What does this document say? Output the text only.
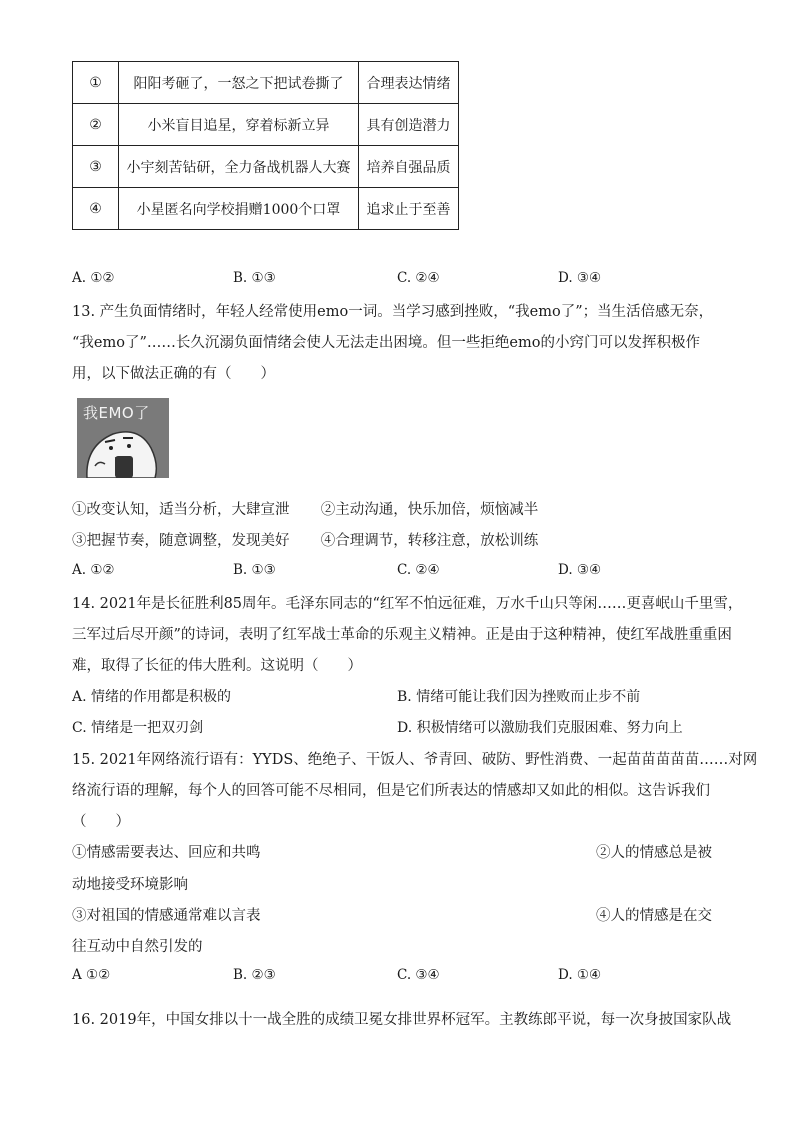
①	阳阳考砸了，一怒之下把试卷撕了	合理表达情绪
②	小米盲目追星，穿着标新立异	具有创造潜力
③	小宇刻苦钻研，全力备战机器人大赛	培养自强品质
④	小星匿名向学校捐赠1000个口罩	追求止于至善
A. ①②	B. ①③	C. ②④	D. ③④
13. 产生负面情绪时，年轻人经常使用emo一词。当学习感到挫败，“我emo了”；当生活倍感无奈，
“我emo了”……长久沉溺负面情绪会使人无法走出困境。但一些拒绝emo的小窍门可以发挥积极作
用，以下做法正确的有（　　）
我EMO了
①改变认知，适当分析，大肆宣泄 ②主动沟通，快乐加倍，烦恼减半
③把握节奏，随意调整，发现美好 ④合理调节，转移注意，放松训练
A. ①②	B. ①③	C. ②④	D. ③④
14. 2021年是长征胜利85周年。毛泽东同志的“红军不怕远征难，万水千山只等闲……更喜岷山千里雪，
三军过后尽开颜”的诗词，表明了红军战士革命的乐观主义精神。正是由于这种精神，使红军战胜重重困
难，取得了长征的伟大胜利。这说明（　　）
A. 情绪的作用都是积极的	B. 情绪可能让我们因为挫败而止步不前
C. 情绪是一把双刃剑	D. 积极情绪可以激励我们克服困难、努力向上
15. 2021年网络流行语有：YYDS、绝绝子、干饭人、爷青回、破防、野性消费、一起苗苗苗苗苗……对网
络流行语的理解，每个人的回答可能不尽相同，但是它们所表达的情感却又如此的相似。这告诉我们
（　　）
①情感需要表达、回应和共鸣	②人的情感总是被
动地接受环境影响
③对祖国的情感通常难以言表	④人的情感是在交
往互动中自然引发的
A ①②	B. ②③	C. ③④	D. ①④
16. 2019年，中国女排以十一战全胜的成绩卫冕女排世界杯冠军。主教练郎平说，每一次身披国家队战
